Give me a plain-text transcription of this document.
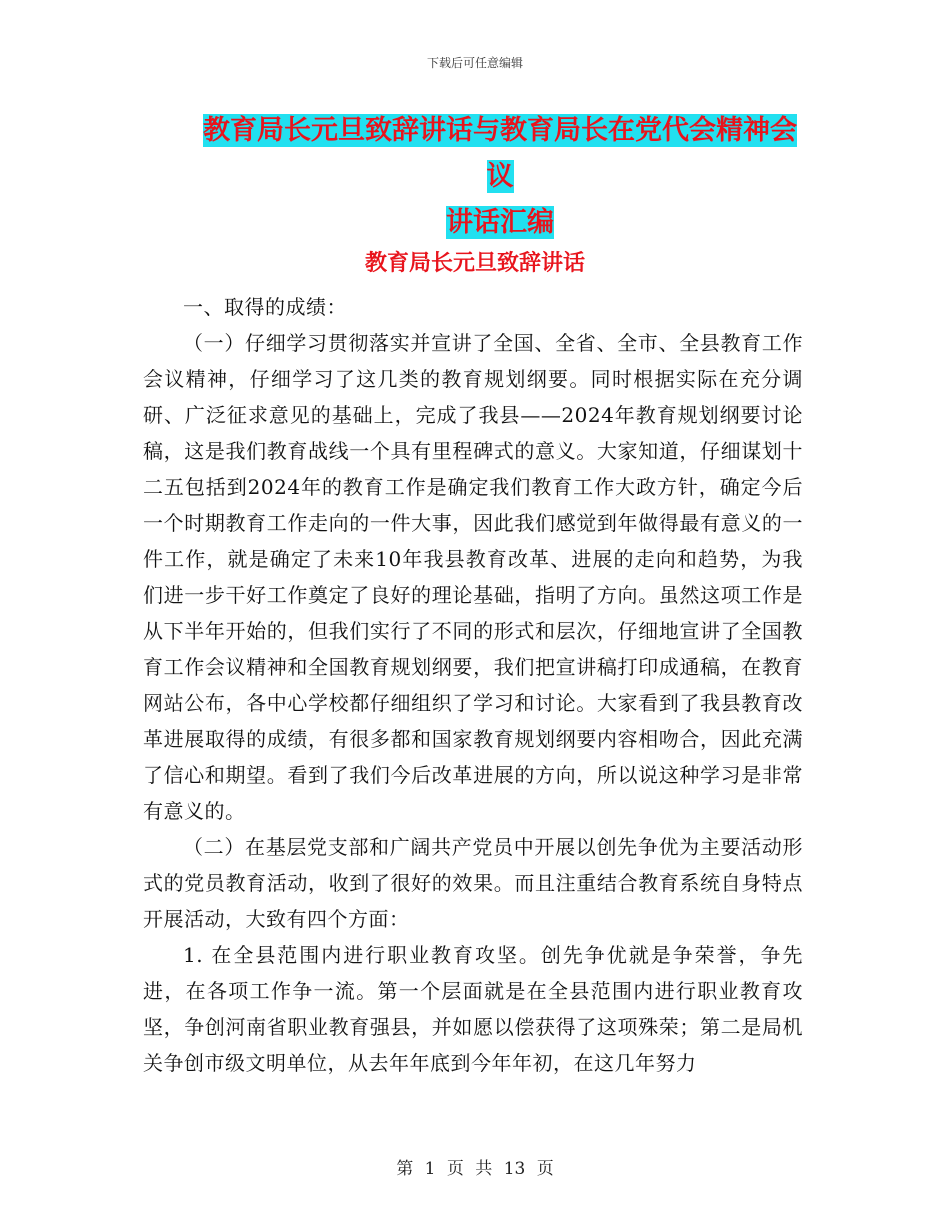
下载后可任意编辑
教育局长元旦致辞讲话与教育局长在党代会精神会议
讲话汇编
教育局长元旦致辞讲话

一、取得的成绩：

（一）仔细学习贯彻落实并宣讲了全国、全省、全市、全县教育工作会议精神，仔细学习了这几类的教育规划纲要。同时根据实际在充分调研、广泛征求意见的基础上，完成了我县——2024年教育规划纲要讨论稿，这是我们教育战线一个具有里程碑式的意义。大家知道，仔细谋划十二五包括到2024年的教育工作是确定我们教育工作大政方针，确定今后一个时期教育工作走向的一件大事，因此我们感觉到年做得最有意义的一件工作，就是确定了未来10年我县教育改革、进展的走向和趋势，为我们进一步干好工作奠定了良好的理论基础，指明了方向。虽然这项工作是从下半年开始的，但我们实行了不同的形式和层次，仔细地宣讲了全国教育工作会议精神和全国教育规划纲要，我们把宣讲稿打印成通稿，在教育网站公布，各中心学校都仔细组织了学习和讨论。大家看到了我县教育改革进展取得的成绩，有很多都和国家教育规划纲要内容相吻合，因此充满了信心和期望。看到了我们今后改革进展的方向，所以说这种学习是非常有意义的。

（二）在基层党支部和广阔共产党员中开展以创先争优为主要活动形式的党员教育活动，收到了很好的效果。而且注重结合教育系统自身特点开展活动，大致有四个方面：

1. 在全县范围内进行职业教育攻坚。创先争优就是争荣誉，争先进，在各项工作争一流。第一个层面就是在全县范围内进行职业教育攻坚，争创河南省职业教育强县，并如愿以偿获得了这项殊荣；第二是局机关争创市级文明单位，从去年年底到今年年初，在这几年努力

第 1 页 共 13 页
